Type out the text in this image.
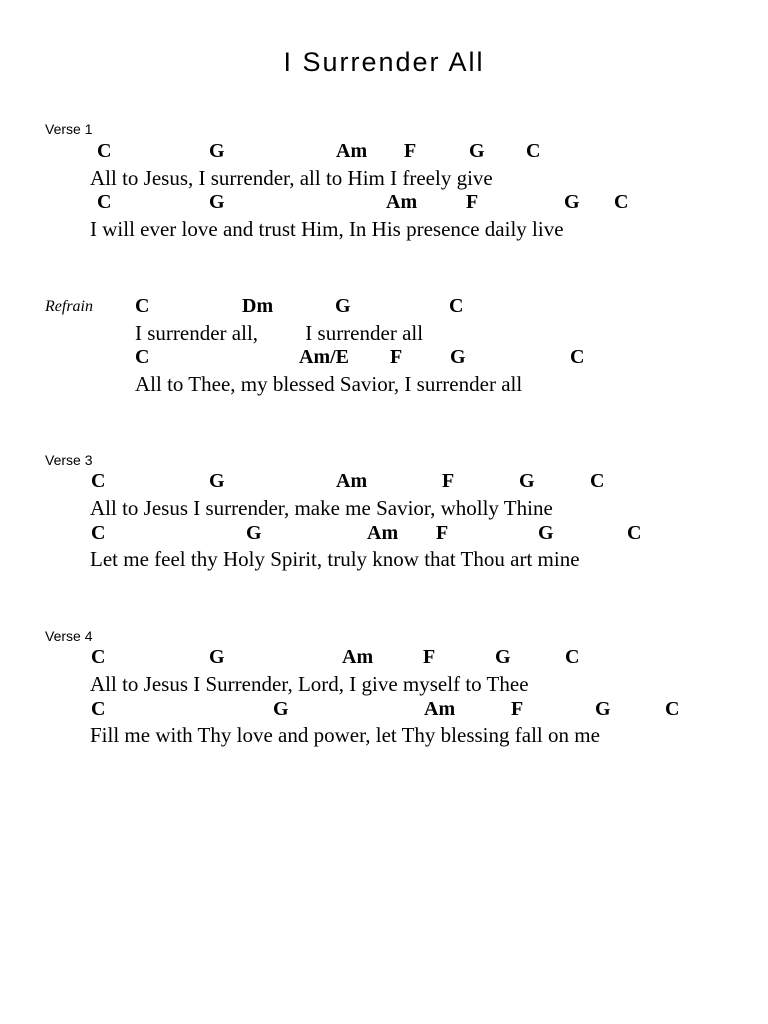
I Surrender All
Verse 1
C	G	Am F	G C
All to Jesus, I surrender, all to Him I freely give
C	G	Am F	G C
I will ever love and trust Him, In His presence daily live
Refrain C	Dm	G	C
I surrender all,         I surrender all
C	Am/E F G	C
All to Thee, my blessed Savior, I surrender all
Verse 3
C	G	Am	F	G	C
All to Jesus I surrender, make me Savior, wholly Thine
C	G	Am F	G	C
Let me feel thy Holy Spirit, truly know that Thou art mine
Verse 4
C	G	Am F	G	C
All to Jesus I Surrender, Lord, I give myself to Thee
C	G	Am	F	G	C
Fill me with Thy love and power, let Thy blessing fall on me
